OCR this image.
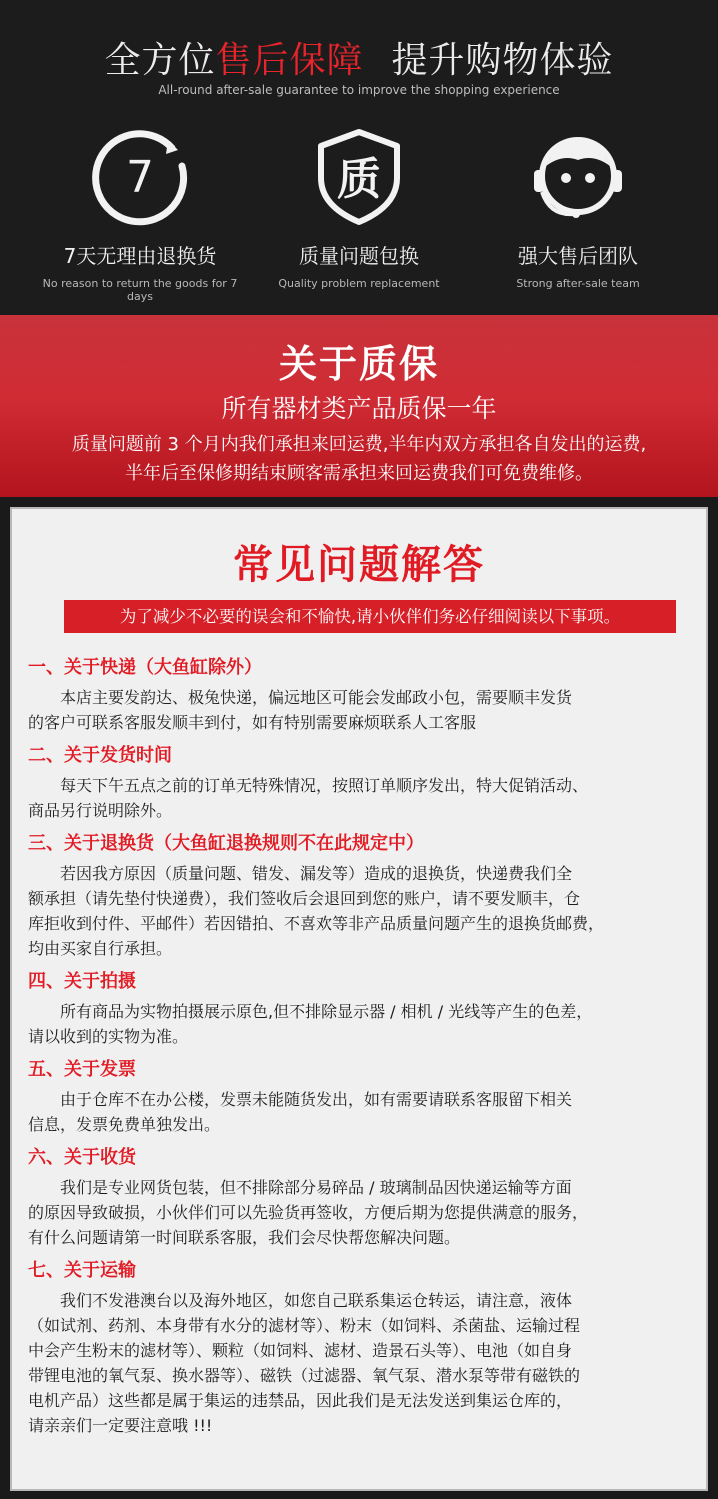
全方位售后保障 提升购物体验
All-round after-sale guarantee to improve the shopping experience
7
7天无理由退换货
No reason to return the goods for 7 days
质
质量问题包换
Quality problem replacement
强大售后团队
Strong after-sale team
关于质保
所有器材类产品质保一年
质量问题前 3 个月内我们承担来回运费,半年内双方承担各自发出的运费,
半年后至保修期结束顾客需承担来回运费我们可免费维修。
常见问题解答
为了减少不必要的误会和不愉快,请小伙伴们务必仔细阅读以下事项。
一、关于快递（大鱼缸除外）
本店主要发韵达、极兔快递，偏远地区可能会发邮政小包，需要顺丰发货
的客户可联系客服发顺丰到付，如有特别需要麻烦联系人工客服
二、关于发货时间
每天下午五点之前的订单无特殊情况，按照订单顺序发出，特大促销活动、
商品另行说明除外。
三、关于退换货（大鱼缸退换规则不在此规定中）
若因我方原因（质量问题、错发、漏发等）造成的退换货，快递费我们全
额承担（请先垫付快递费），我们签收后会退回到您的账户，请不要发顺丰，仓
库拒收到付件、平邮件）若因错拍、不喜欢等非产品质量问题产生的退换货邮费，
均由买家自行承担。
四、关于拍摄
所有商品为实物拍摄展示原色,但不排除显示器 / 相机 / 光线等产生的色差，
请以收到的实物为准。
五、关于发票
由于仓库不在办公楼，发票未能随货发出，如有需要请联系客服留下相关
信息，发票免费单独发出。
六、关于收货
我们是专业网货包装，但不排除部分易碎品 / 玻璃制品因快递运输等方面
的原因导致破损，小伙伴们可以先验货再签收，方便后期为您提供满意的服务，
有什么问题请第一时间联系客服，我们会尽快帮您解决问题。
七、关于运输
我们不发港澳台以及海外地区，如您自己联系集运仓转运，请注意，液体
（如试剂、药剂、本身带有水分的滤材等）、粉末（如饲料、杀菌盐、运输过程
中会产生粉末的滤材等）、颗粒（如饲料、滤材、造景石头等）、电池（如自身
带锂电池的氧气泵、换水器等）、磁铁（过滤器、氧气泵、潜水泵等带有磁铁的
电机产品）这些都是属于集运的违禁品，因此我们是无法发送到集运仓库的，
请亲亲们一定要注意哦 !!!
